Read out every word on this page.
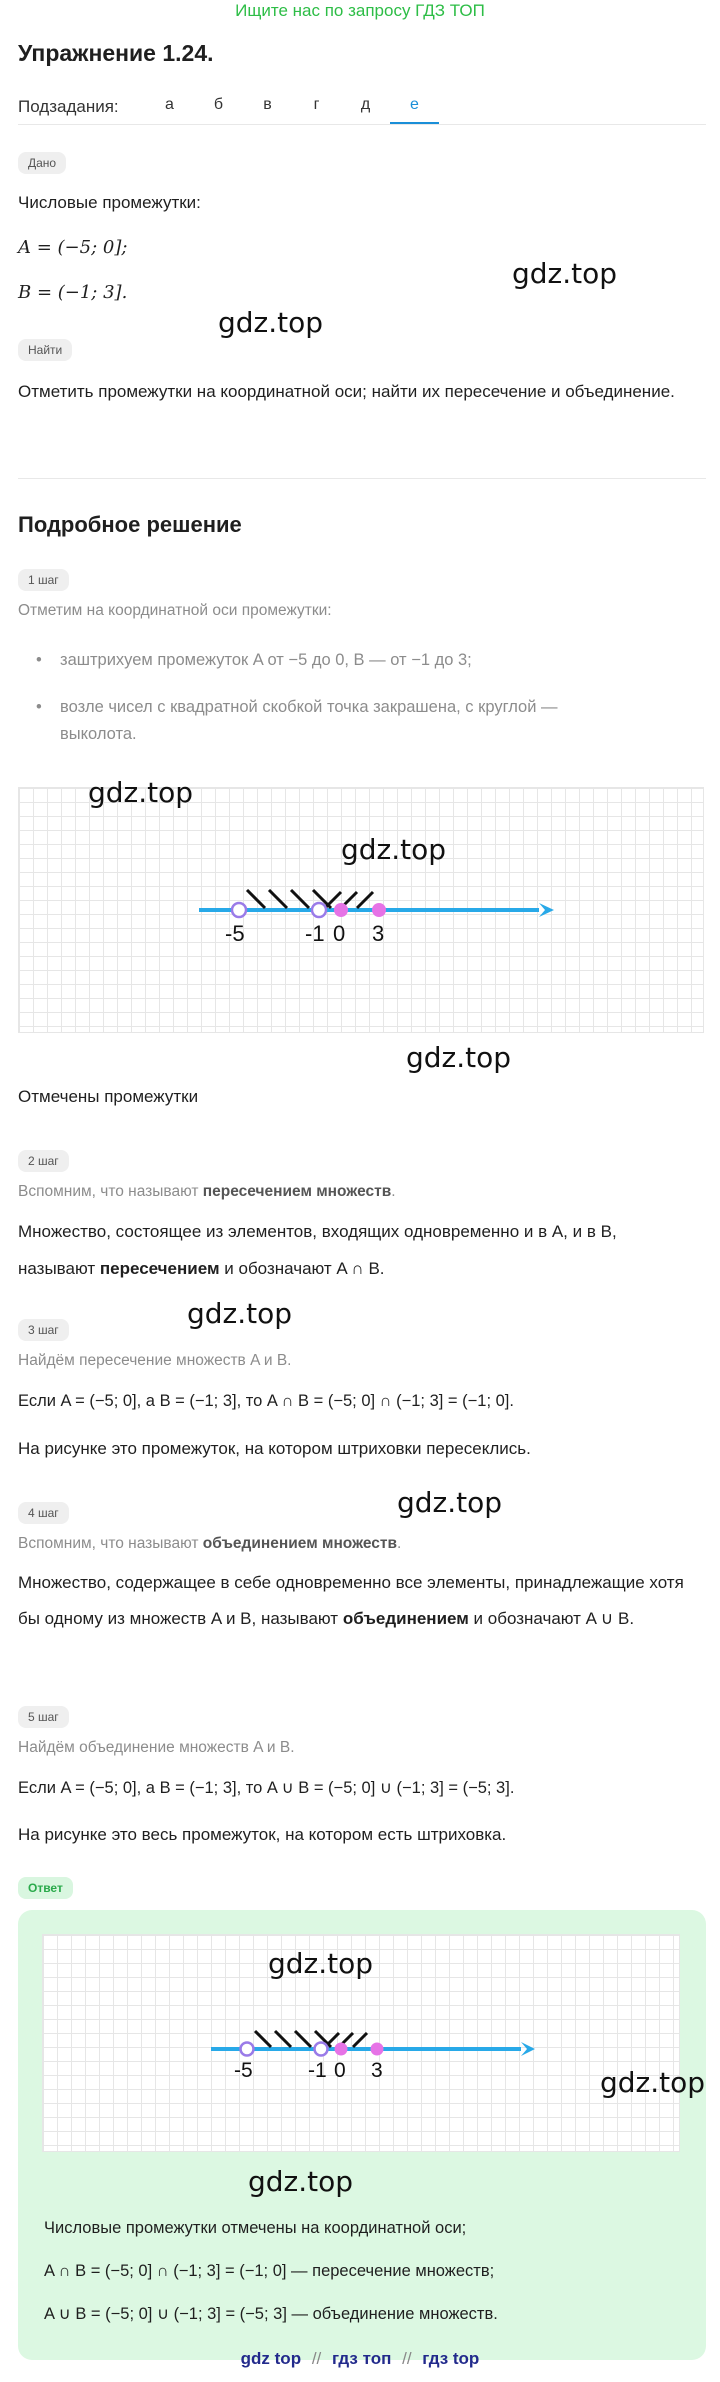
Ищите нас по запросу ГДЗ ТОП
Упражнение 1.24.
Подзадания:	а	б	в	г	д	е
Дано
Числовые промежутки:
A = (−5; 0];
B = (−1; 3].
Найти
Отметить промежутки на координатной оси; найти их пересечение и объединение.
Подробное решение
1 шаг
Отметим на координатной оси промежутки:
• заштрихуем промежуток A от −5 до 0, B — от −1 до 3;
• возле чисел с квадратной скобкой точка закрашена, с круглой — выколота.
-5	-1 0 3
Отмечены промежутки
2 шаг
Вспомним, что называют пересечением множеств.
Множество, состоящее из элементов, входящих одновременно и в A, и в B, называют пересечением и обозначают A ∩ B.
3 шаг
Найдём пересечение множеств A и B.
Если A = (−5; 0], а B = (−1; 3], то A ∩ B = (−5; 0] ∩ (−1; 3] = (−1; 0].
На рисунке это промежуток, на котором штриховки пересеклись.
4 шаг
Вспомним, что называют объединением множеств.
Множество, содержащее в себе одновременно все элементы, принадлежащие хотя бы одному из множеств A и B, называют объединением и обозначают A ∪ B.
5 шаг
Найдём объединение множеств A и B.
Если A = (−5; 0], а B = (−1; 3], то A ∪ B = (−5; 0] ∪ (−1; 3] = (−5; 3].
На рисунке это весь промежуток, на котором есть штриховка.
Ответ
-5	-1 0 3
Числовые промежутки отмечены на координатной оси;
A ∩ B = (−5; 0] ∩ (−1; 3] = (−1; 0] — пересечение множеств;
A ∪ B = (−5; 0] ∪ (−1; 3] = (−5; 3] — объединение множеств.
gdz.top
gdz.top
gdz.top
gdz.top
gdz.top
gdz.top
gdz.top
gdz.top
gdz.top
gdz.top
gdz top // гдз топ // гдз top
